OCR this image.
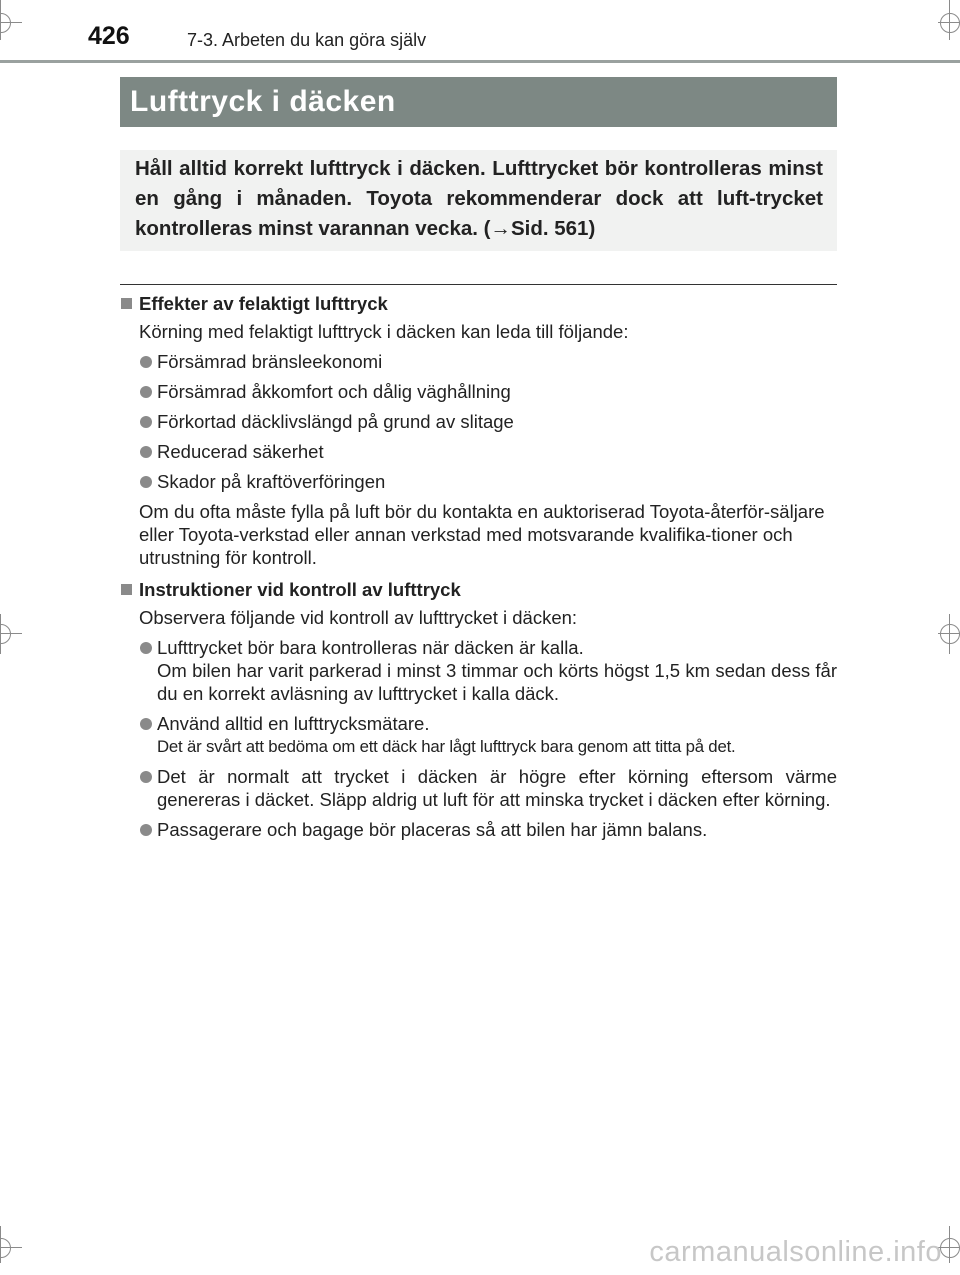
426	7-3. Arbeten du kan göra själv
Lufttryck i däcken

Håll alltid korrekt lufttryck i däcken. Lufttrycket bör kontrolleras minst en gång i månaden. Toyota rekommenderar dock att luft-trycket kontrolleras minst varannan vecka. (→Sid. 561)

Effekter av felaktigt lufttryck

Körning med felaktigt lufttryck i däcken kan leda till följande:

Försämrad bränsleekonomi
Försämrad åkkomfort och dålig väghållning
Förkortad däcklivslängd på grund av slitage
Reducerad säkerhet
Skador på kraftöverföringen

Om du ofta måste fylla på luft bör du kontakta en auktoriserad Toyota-återför-säljare eller Toyota-verkstad eller annan verkstad med motsvarande kvalifika-tioner och utrustning för kontroll.

Instruktioner vid kontroll av lufttryck

Observera följande vid kontroll av lufttrycket i däcken:

Lufttrycket bör bara kontrolleras när däcken är kalla.
Om bilen har varit parkerad i minst 3 timmar och körts högst 1,5 km sedan dess får du en korrekt avläsning av lufttrycket i kalla däck.
Använd alltid en lufttrycksmätare.
Det är svårt att bedöma om ett däck har lågt lufttryck bara genom att titta på det.
Det är normalt att trycket i däcken är högre efter körning eftersom värme genereras i däcket. Släpp aldrig ut luft för att minska trycket i däcken efter körning.
Passagerare och bagage bör placeras så att bilen har jämn balans.
carmanualsonline.info
